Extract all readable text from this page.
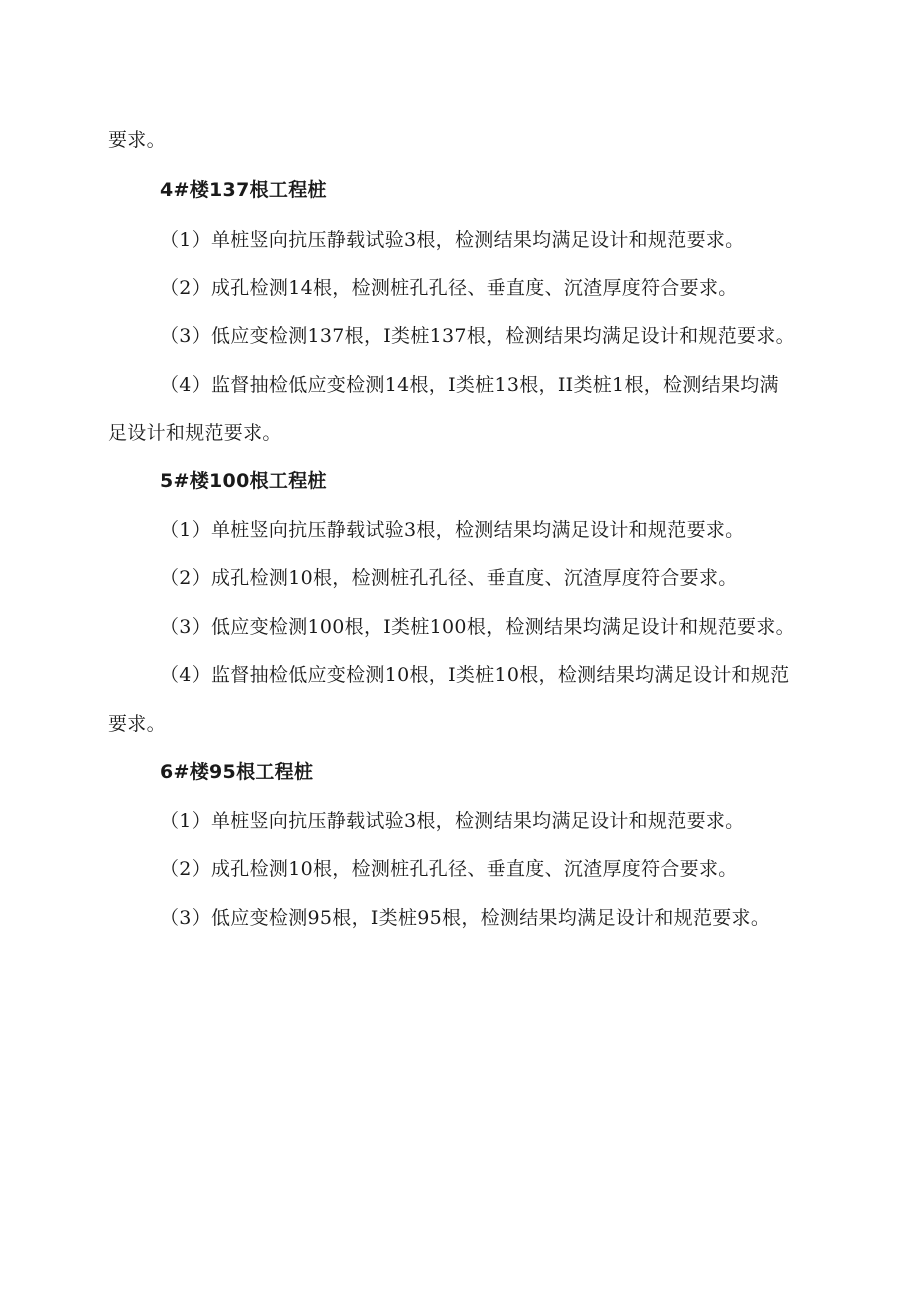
要求。
4#楼137根工程桩
（1）单桩竖向抗压静载试验3根，检测结果均满足设计和规范要求。
（2）成孔检测14根，检测桩孔孔径、垂直度、沉渣厚度符合要求。
（3）低应变检测137根，I类桩137根，检测结果均满足设计和规范要求。
（4）监督抽检低应变检测14根，I类桩13根，II类桩1根，检测结果均满
足设计和规范要求。
5#楼100根工程桩
（1）单桩竖向抗压静载试验3根，检测结果均满足设计和规范要求。
（2）成孔检测10根，检测桩孔孔径、垂直度、沉渣厚度符合要求。
（3）低应变检测100根，I类桩100根，检测结果均满足设计和规范要求。
（4）监督抽检低应变检测10根，I类桩10根，检测结果均满足设计和规范
要求。
6#楼95根工程桩
（1）单桩竖向抗压静载试验3根，检测结果均满足设计和规范要求。
（2）成孔检测10根，检测桩孔孔径、垂直度、沉渣厚度符合要求。
（3）低应变检测95根，I类桩95根，检测结果均满足设计和规范要求。
